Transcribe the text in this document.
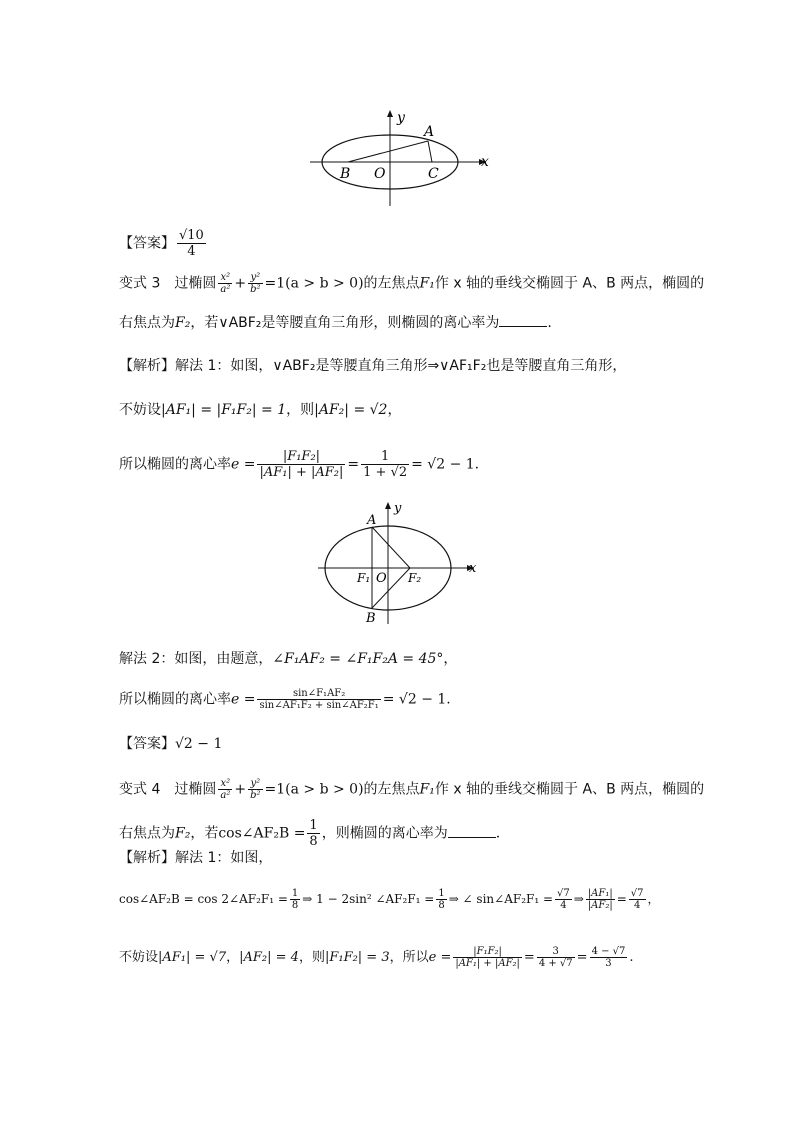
y
x
A
B O	C
【答案】 $\frac{√10}{4}$
变式 3　过椭圆 $\frac{\text{x²}}{\text{a²}} + \frac{\text{y²}}{\text{b²}} =1(a > b > 0)$的左焦点F₁作 x 轴的垂线交椭圆于 A、B 两点，椭圆的
右焦点为F₂，若∨ABF₂是等腰直角三角形，则椭圆的离心率为	.
【解析】解法 1：如图，∨ABF₂是等腰直角三角形⇒∨AF₁F₂也是等腰直角三角形，
不妨设|AF₁| = |F₁F₂| = 1，则|AF₂| = √2，
所以椭圆的离心率$e = \frac{\text{|F₁F₂|}}{\text{|AF₁| + |AF₂|}} = \frac{1}{1 + √2} = √2 - 1$.
y
x
A
B
O
F₁	F₂
解法 2：如图，由题意，∠F₁AF₂ = ∠F₁F₂A = 45°，
所以椭圆的离心率$e = \frac{\text{sin∠F₁AF₂}}{\text{sin∠AF₁F₂ + sin∠AF₂F₁}} = √2 - 1$.
【答案】√2 − 1
变式 4　过椭圆 $\frac{\text{x²}}{\text{a²}} + \frac{\text{y²}}{\text{b²}} =1(a > b > 0)$的左焦点F₁作 x 轴的垂线交椭圆于 A、B 两点，椭圆的
右焦点为F₂，若cos∠AF₂B = $\frac{1}{8}$ ，则椭圆的离心率为	.
【解析】解法 1：如图，
cos∠AF₂B = cos 2∠AF₂F₁ = $\frac{1}{8}$ ⇒ 1 − 2sin² ∠AF₂F₁ = $\frac{1}{8}$ ⇒ ∠ sin∠AF₂F₁ = $\frac{√7}{4}$ ⇒ $\frac{\text{|AF₁|}}{\text{|AF₂|}} = \frac{√7}{4}$ ，
不妨设|AF₁| = √7，|AF₂| = 4，则|F₁F₂| = 3，所以$e = \frac{\text{|F₁F₂|}}{\text{|AF₁| + |AF₂|}} = \frac{3}{4 + √7} = \frac{4 - √7}{3}$ .
